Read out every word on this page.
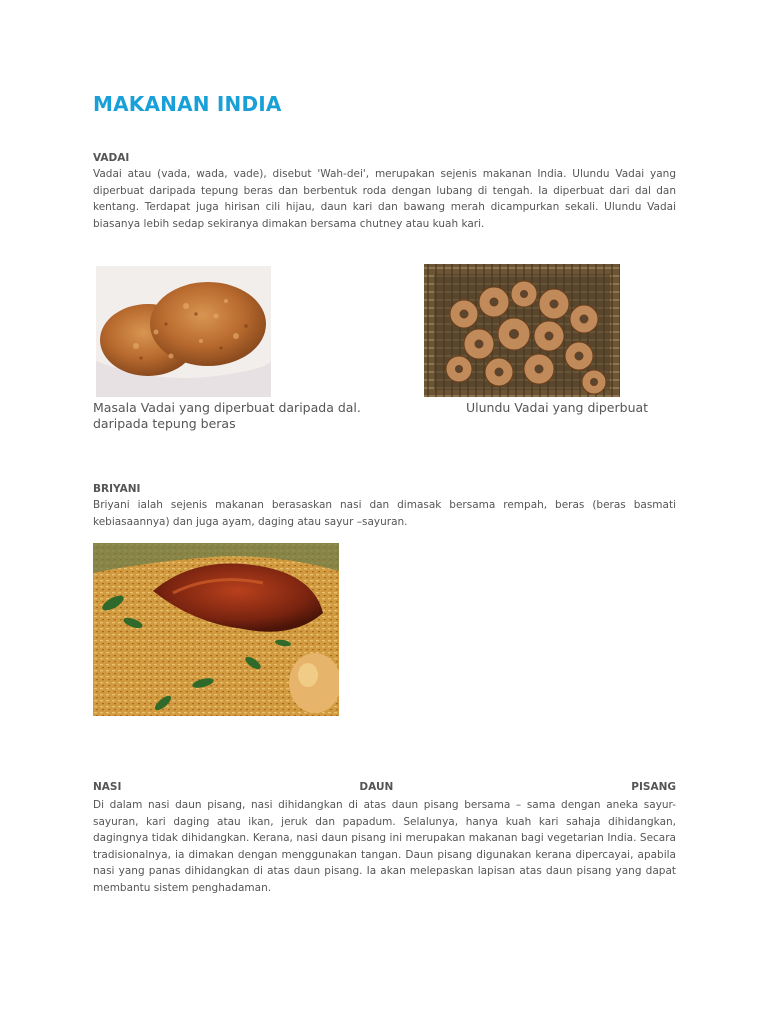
MAKANAN INDIA
VADAI

Vadai atau (vada, wada, vade), disebut 'Wah-dei', merupakan sejenis makanan India. Ulundu Vadai yang diperbuat daripada tepung beras dan berbentuk roda dengan lubang di tengah. Ia diperbuat dari dal dan kentang. Terdapat juga hirisan cili hijau, daun kari dan bawang merah dicampurkan sekali. Ulundu Vadai biasanya lebih sedap sekiranya dimakan bersama chutney atau kuah kari.

Masala Vadai yang diperbuat daripada dal.	Ulundu Vadai yang diperbuat

daripada tepung beras

BRIYANI

Briyani ialah sejenis makanan berasaskan nasi dan dimasak bersama rempah, beras (beras basmati kebiasaannya) dan juga ayam, daging atau sayur –sayuran.

NASI	DAUN	PISANG

Di dalam nasi daun pisang, nasi dihidangkan di atas daun pisang bersama – sama dengan aneka sayur-sayuran, kari daging atau ikan, jeruk dan papadum. Selalunya, hanya kuah kari sahaja dihidangkan, dagingnya tidak dihidangkan. Kerana, nasi daun pisang ini merupakan makanan bagi vegetarian India. Secara tradisionalnya, ia dimakan dengan menggunakan tangan. Daun pisang digunakan kerana dipercayai, apabila nasi yang panas dihidangkan di atas daun pisang. Ia akan melepaskan lapisan atas daun pisang yang dapat membantu sistem penghadaman.
